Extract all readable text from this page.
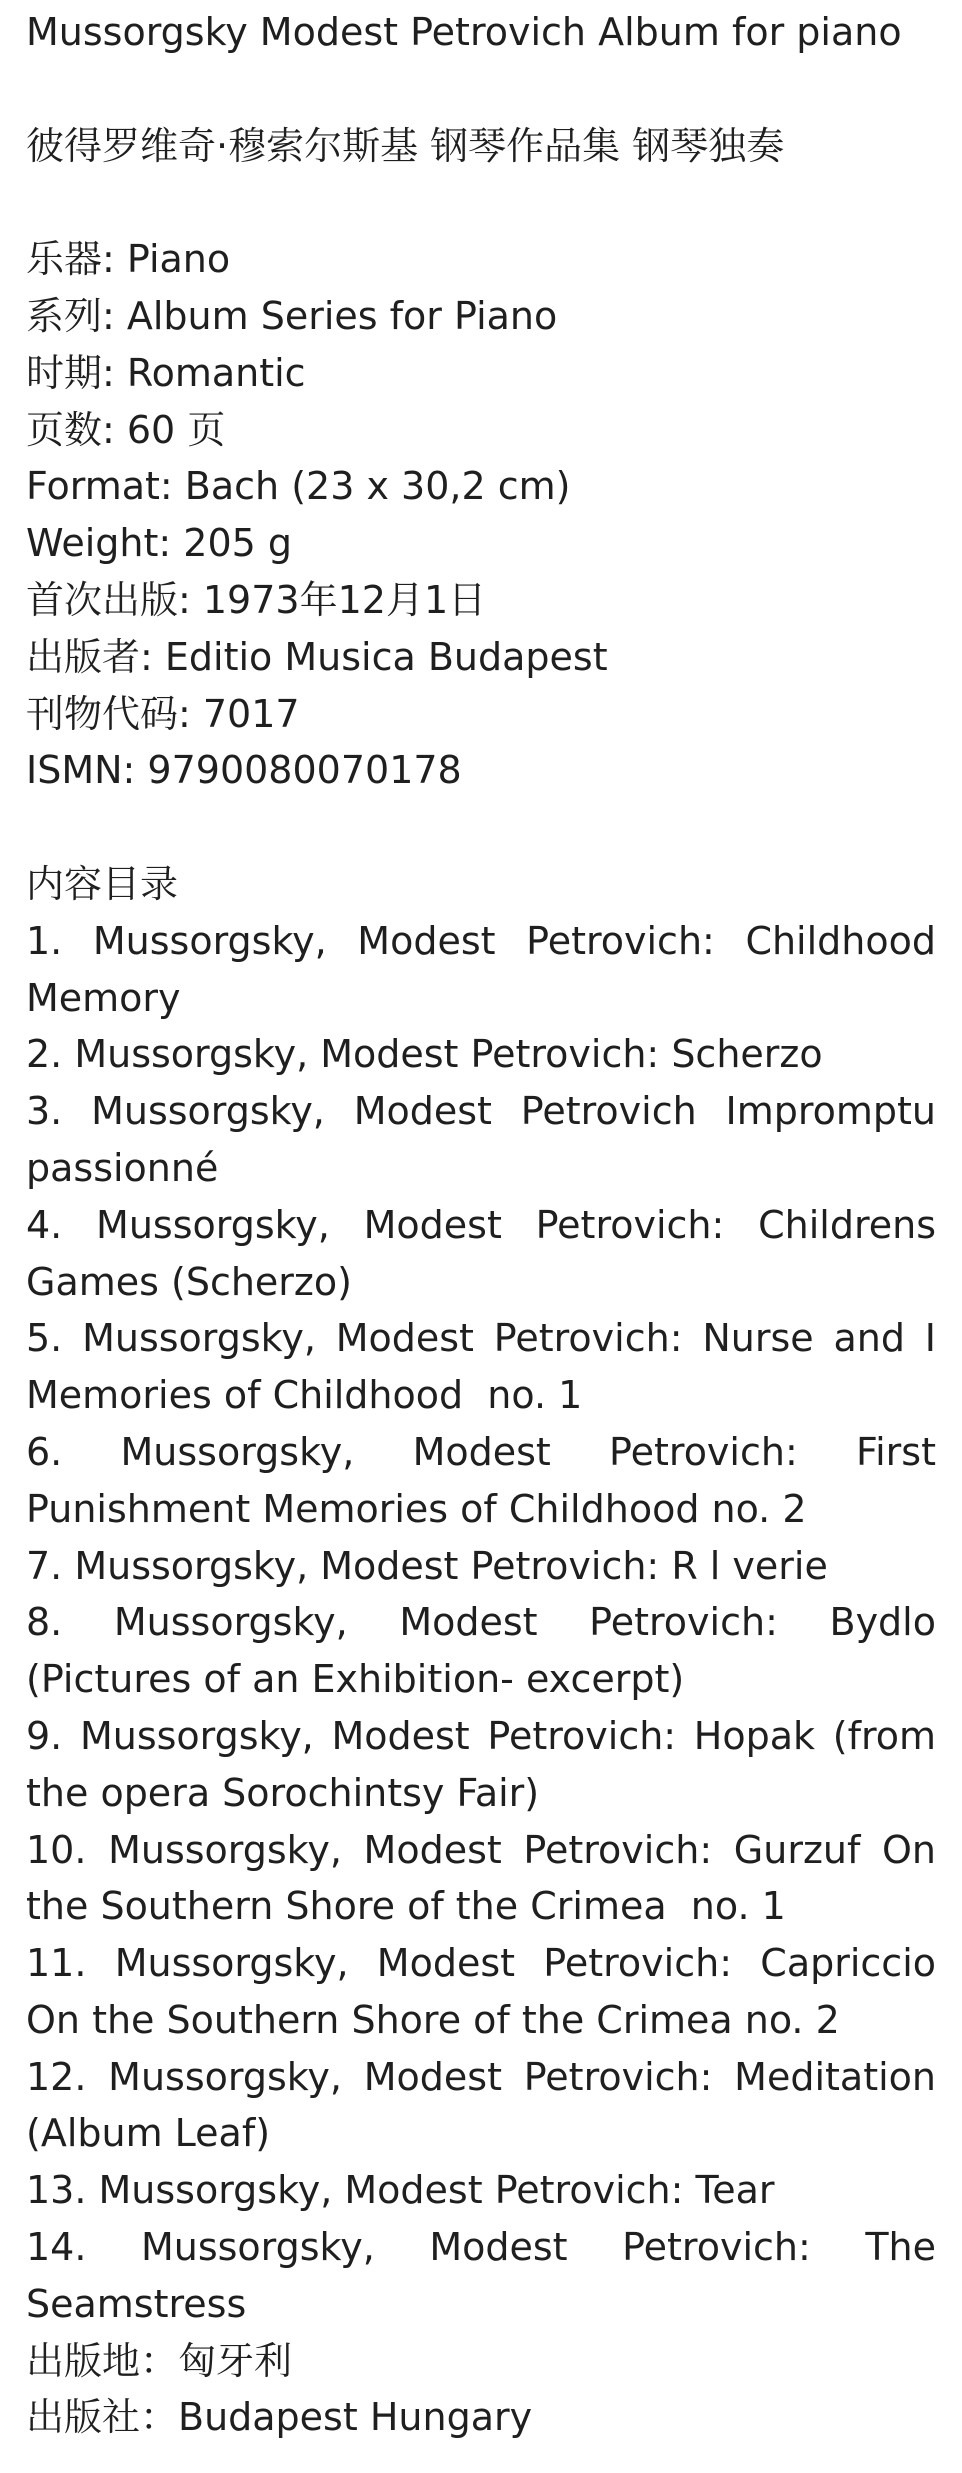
Mussorgsky Modest Petrovich Album for piano
彼得罗维奇·穆索尔斯基 钢琴作品集 钢琴独奏
乐器: Piano
系列: Album Series for Piano
时期: Romantic
页数: 60 页
Format: Bach (23 x 30,2 cm)
Weight: 205 g
首次出版: 1973年12月1日
出版者: Editio Musica Budapest
刊物代码: 7017
ISMN: 9790080070178
内容目录
1. Mussorgsky, Modest Petrovich: Childhood Memory
2. Mussorgsky, Modest Petrovich: Scherzo
3. Mussorgsky, Modest Petrovich Impromptu passionné
4. Mussorgsky, Modest Petrovich: Childrens Games (Scherzo)
5. Mussorgsky, Modest Petrovich: Nurse and I Memories of Childhood  no. 1
6. Mussorgsky, Modest Petrovich: First Punishment Memories of Childhood no. 2
7. Mussorgsky, Modest Petrovich: R l verie
8. Mussorgsky, Modest Petrovich: Bydlo (Pictures of an Exhibition- excerpt)
9. Mussorgsky, Modest Petrovich: Hopak (from the opera Sorochintsy Fair)
10. Mussorgsky, Modest Petrovich: Gurzuf On the Southern Shore of the Crimea  no. 1
11. Mussorgsky, Modest Petrovich: Capriccio On the Southern Shore of the Crimea no. 2
12. Mussorgsky, Modest Petrovich: Meditation (Album Leaf)
13. Mussorgsky, Modest Petrovich: Tear
14. Mussorgsky, Modest Petrovich: The Seamstress
出版地：匈牙利
出版社：Budapest Hungary
